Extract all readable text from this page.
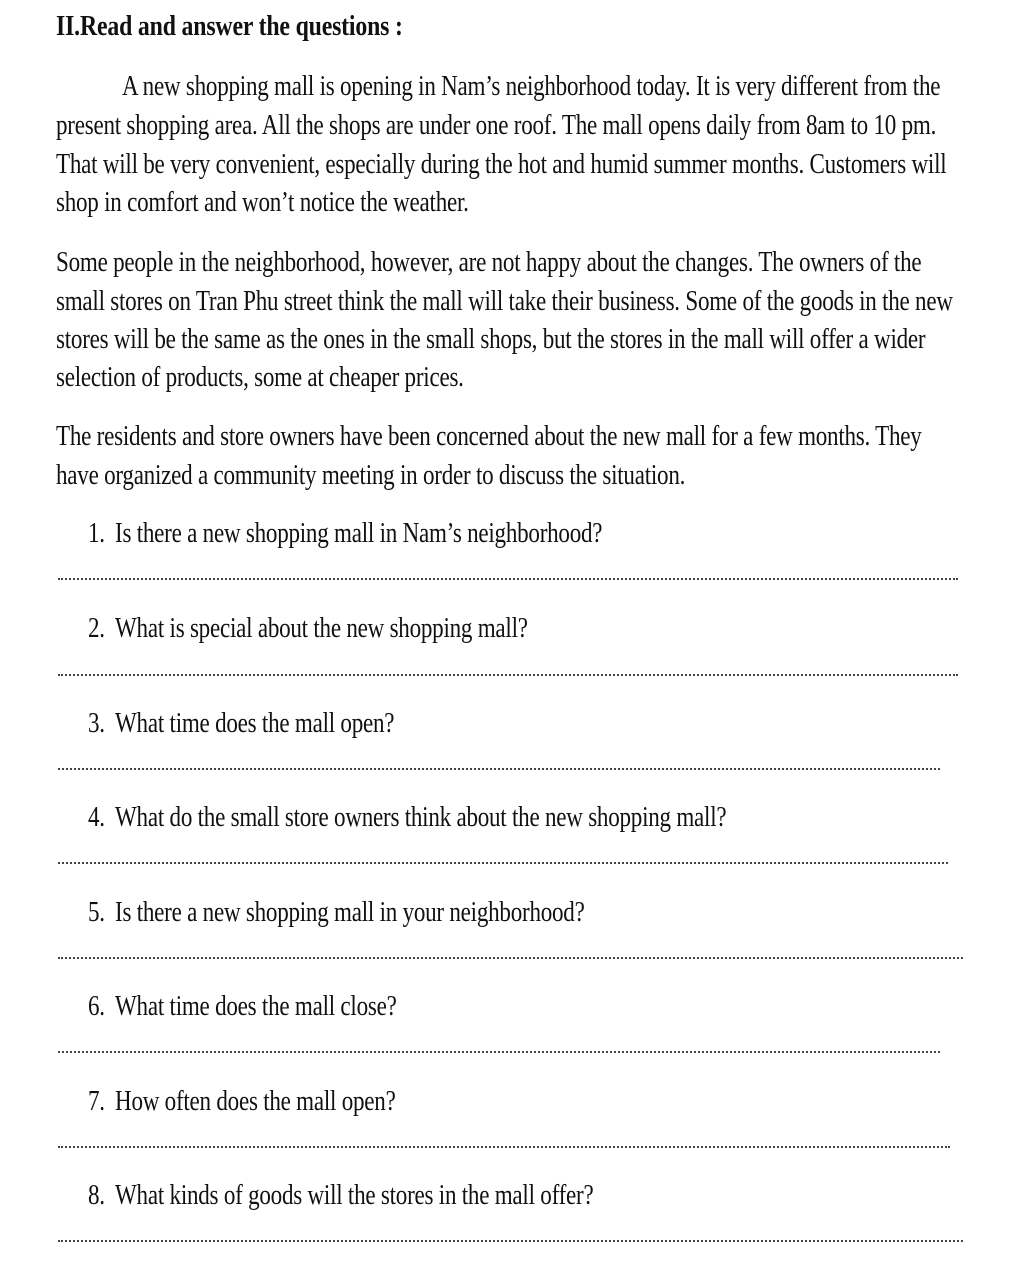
II.Read and answer the questions :
A new shopping mall is opening in Nam’s neighborhood today. It is very different from the
present shopping area. All the shops are under one roof. The mall opens daily from 8am to 10 pm.
That will be very convenient, especially during the hot and humid summer months. Customers will
shop in comfort and won’t notice the weather.
Some people in the neighborhood, however, are not happy about the changes. The owners of the
small stores on Tran Phu street think the mall will take their business. Some of the goods in the new
stores will be the same as the ones in the small shops, but the stores in the mall will offer a wider
selection of products, some at cheaper prices.
The residents and store owners have been concerned about the new mall for a few months. They
have organized a community meeting in order to discuss the situation.
1. Is there a new shopping mall in Nam’s neighborhood?
2. What is special about the new shopping mall?
3. What time does the mall open?
4. What do the small store owners think about the new shopping mall?
5. Is there a new shopping mall in your neighborhood?
6. What time does the mall close?
7. How often does the mall open?
8. What kinds of goods will the stores in the mall offer?
